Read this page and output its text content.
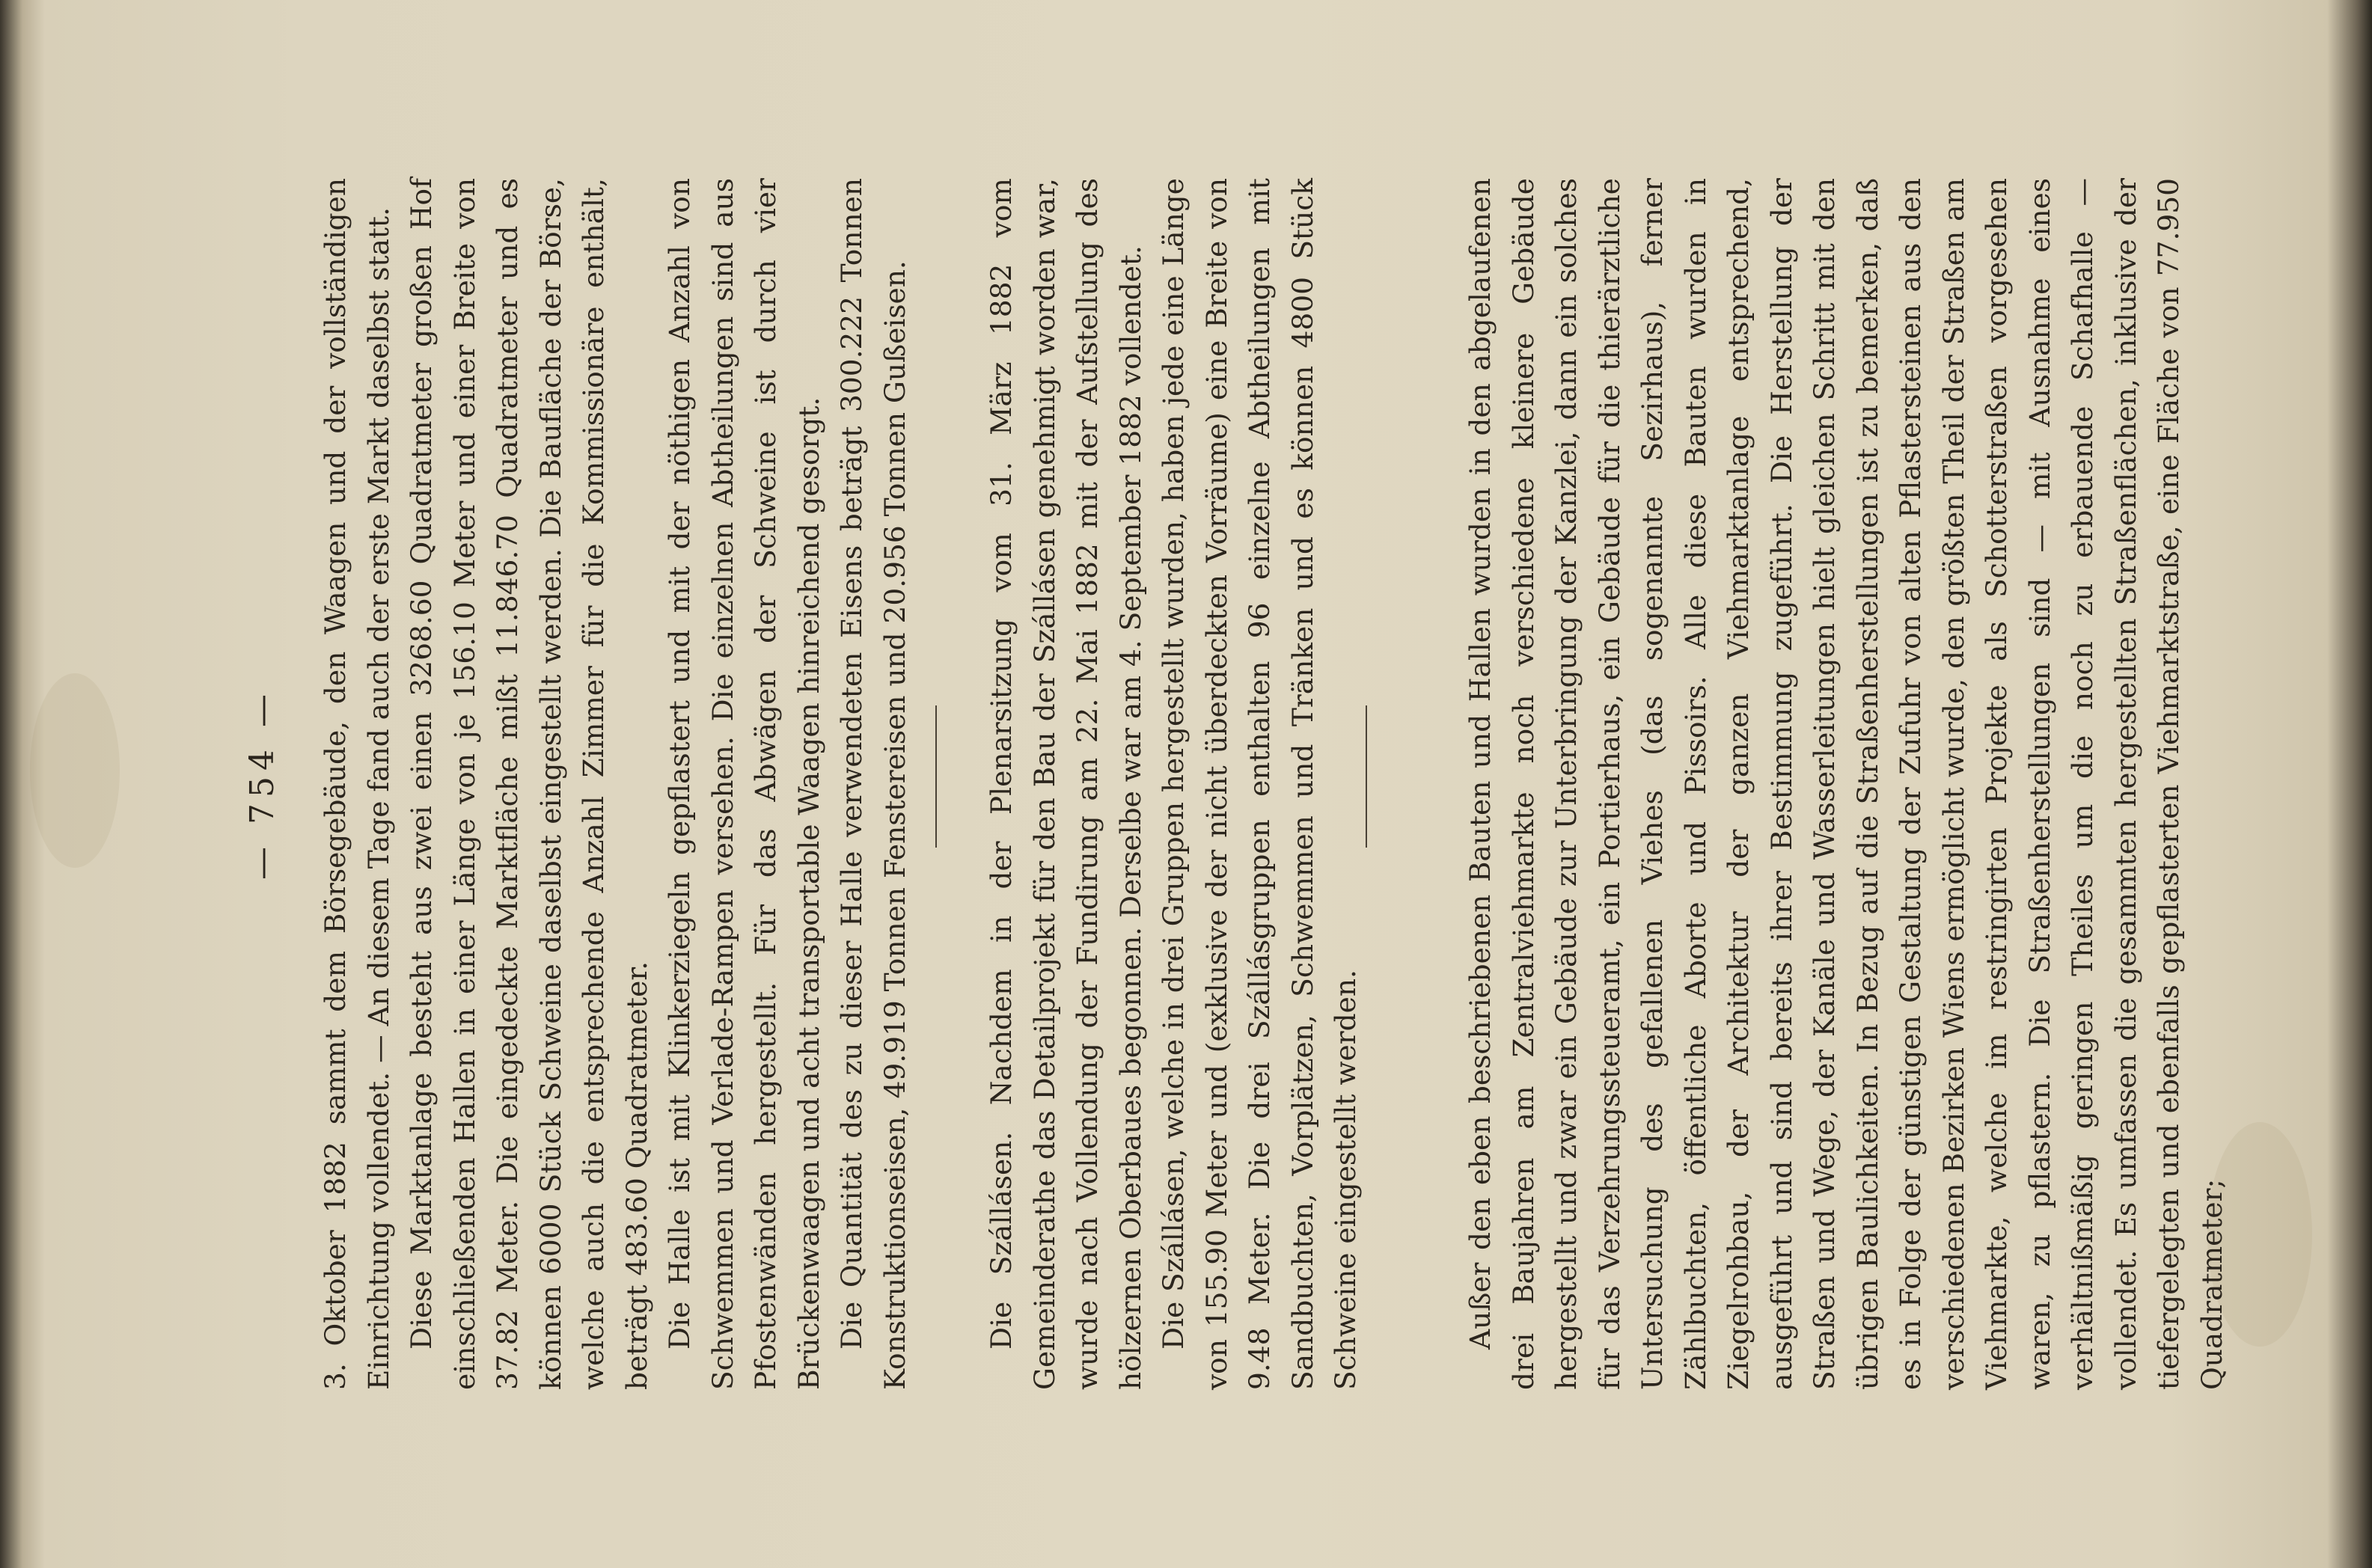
— 754 — 3. Oktober 1882 sammt dem Börsegebäude, den Waagen und der vollständigen Einrichtung vollendet. — An diesem Tage fand auch der erste Markt daselbst statt. Diese Marktanlage besteht aus zwei einen 3268.60 Quadratmeter großen Hof einschließenden Hallen in einer Länge von je 156.10 Meter und einer Breite von 37.82 Meter. Die eingedeckte Marktfläche mißt 11.846.70 Quadratmeter und es können 6000 Stück Schweine daselbst eingestellt werden. Die Baufläche der Börse, welche auch die entsprechende Anzahl Zimmer für die Kommissionäre enthält, beträgt 483.60 Quadratmeter. Die Halle ist mit Klinkerziegeln gepflastert und mit der nöthigen Anzahl von Schwemmen und Verlade-Rampen versehen. Die einzelnen Abtheilungen sind aus Pfostenwänden hergestellt. Für das Abwägen der Schweine ist durch vier Brückenwaagen und acht transportable Waagen hinreichend gesorgt. Die Quantität des zu dieser Halle verwendeten Eisens beträgt 300.222 Tonnen Konstruktionseisen, 49.919 Tonnen Fenstereisen und 20.956 Tonnen Gußeisen.	Die Szállásen. Nachdem in der Plenarsitzung vom 31. März 1882 vom Gemeinderathe das Detailprojekt für den Bau der Szállásen genehmigt worden war, wurde nach Vollendung der Fundirung am 22. Mai 1882 mit der Aufstellung des hölzernen Oberbaues begonnen. Derselbe war am 4. September 1882 vollendet. Die Szállásen, welche in drei Gruppen hergestellt wurden, haben jede eine Länge von 155.90 Meter und (exklusive der nicht überdeckten Vorräume) eine Breite von 9.48 Meter. Die drei Szállásgruppen enthalten 96 einzelne Abtheilungen mit Sandbuchten, Vorplätzen, Schwemmen und Tränken und es können 4800 Stück Schweine eingestellt werden.	Außer den eben beschriebenen Bauten und Hallen wurden in den abgelaufenen drei Baujahren am Zentralviehmarkte noch verschiedene kleinere Gebäude hergestellt und zwar ein Gebäude zur Unterbringung der Kanzlei, dann ein solches für das Verzehrungssteueramt, ein Portierhaus, ein Gebäude für die thierärztliche Untersuchung des gefallenen Viehes (das sogenannte Sezirhaus), ferner Zählbuchten, öffentliche Aborte und Pissoirs. Alle diese Bauten wurden in Ziegelrohbau, der Architektur der ganzen Viehmarktanlage entsprechend, ausgeführt und sind bereits ihrer Bestimmung zugeführt. Die Herstellung der Straßen und Wege, der Kanäle und Wasserleitungen hielt gleichen Schritt mit den übrigen Baulichkeiten. In Bezug auf die Straßenherstellungen ist zu bemerken, daß es in Folge der günstigen Gestaltung der Zufuhr von alten Pflastersteinen aus den verschiedenen Bezirken Wiens ermöglicht wurde, den größten Theil der Straßen am Viehmarkte, welche im restringirten Projekte als Schotterstraßen vorgesehen waren, zu pflastern. Die Straßenherstellungen sind — mit Ausnahme eines verhältnißmäßig geringen Theiles um die noch zu erbauende Schafhalle — vollendet. Es umfassen die gesammten hergestellten Straßenflächen, inklusive der tiefergelegten und ebenfalls gepflasterten Viehmarktstraße, eine Fläche von 77.950 Quadratmeter;
